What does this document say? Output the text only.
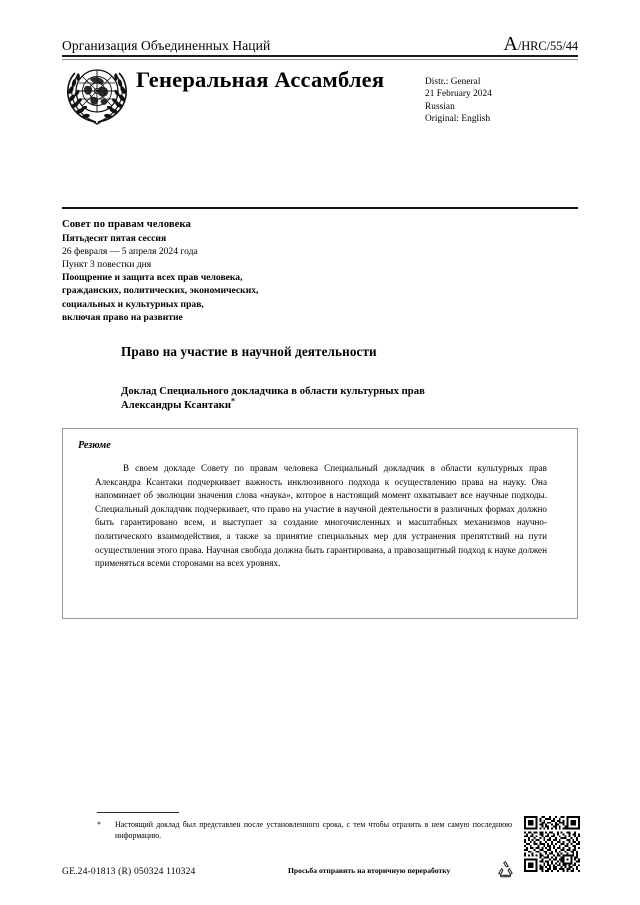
Организация Объединенных Наций	A/HRC/55/44
Генеральная Ассамблея	Distr.: General
21 February 2024
Russian
Original: English
Совет по правам человека
Пятьдесят пятая сессия
26 февраля — 5 апреля 2024 года
Пункт 3 повестки дня
Поощрение и защита всех прав человека,
гражданских, политических, экономических,
социальных и культурных прав,
включая право на развитие
Право на участие в научной деятельности
Доклад Специального докладчика в области культурных прав
Александры Ксантаки*
Резюме
В своем докладе Совету по правам человека Специальный докладчик в области культурных прав Александра Ксантаки подчеркивает важность инклюзивного подхода к осуществлению права на науку. Она напоминает об эволюции значения слова «наука», которое в настоящий момент охватывает все научные подходы. Специальный докладчик подчеркивает, что право на участие в научной деятельности в различных формах должно быть гарантировано всем, и выступает за создание многочисленных и масштабных механизмов научно-политического взаимодействия, а также за принятие специальных мер для устранения препятствий на пути осуществления этого права. Научная свобода должна быть гарантирована, а правозащитный подход к науке должен применяться всеми сторонами на всех уровнях.
*	Настоящий доклад был представлен после установленного срока, с тем чтобы отразить в нем самую последнюю информацию.
GE.24-01813 (R) 050324 110324	Просьба отправить на вторичную переработку
